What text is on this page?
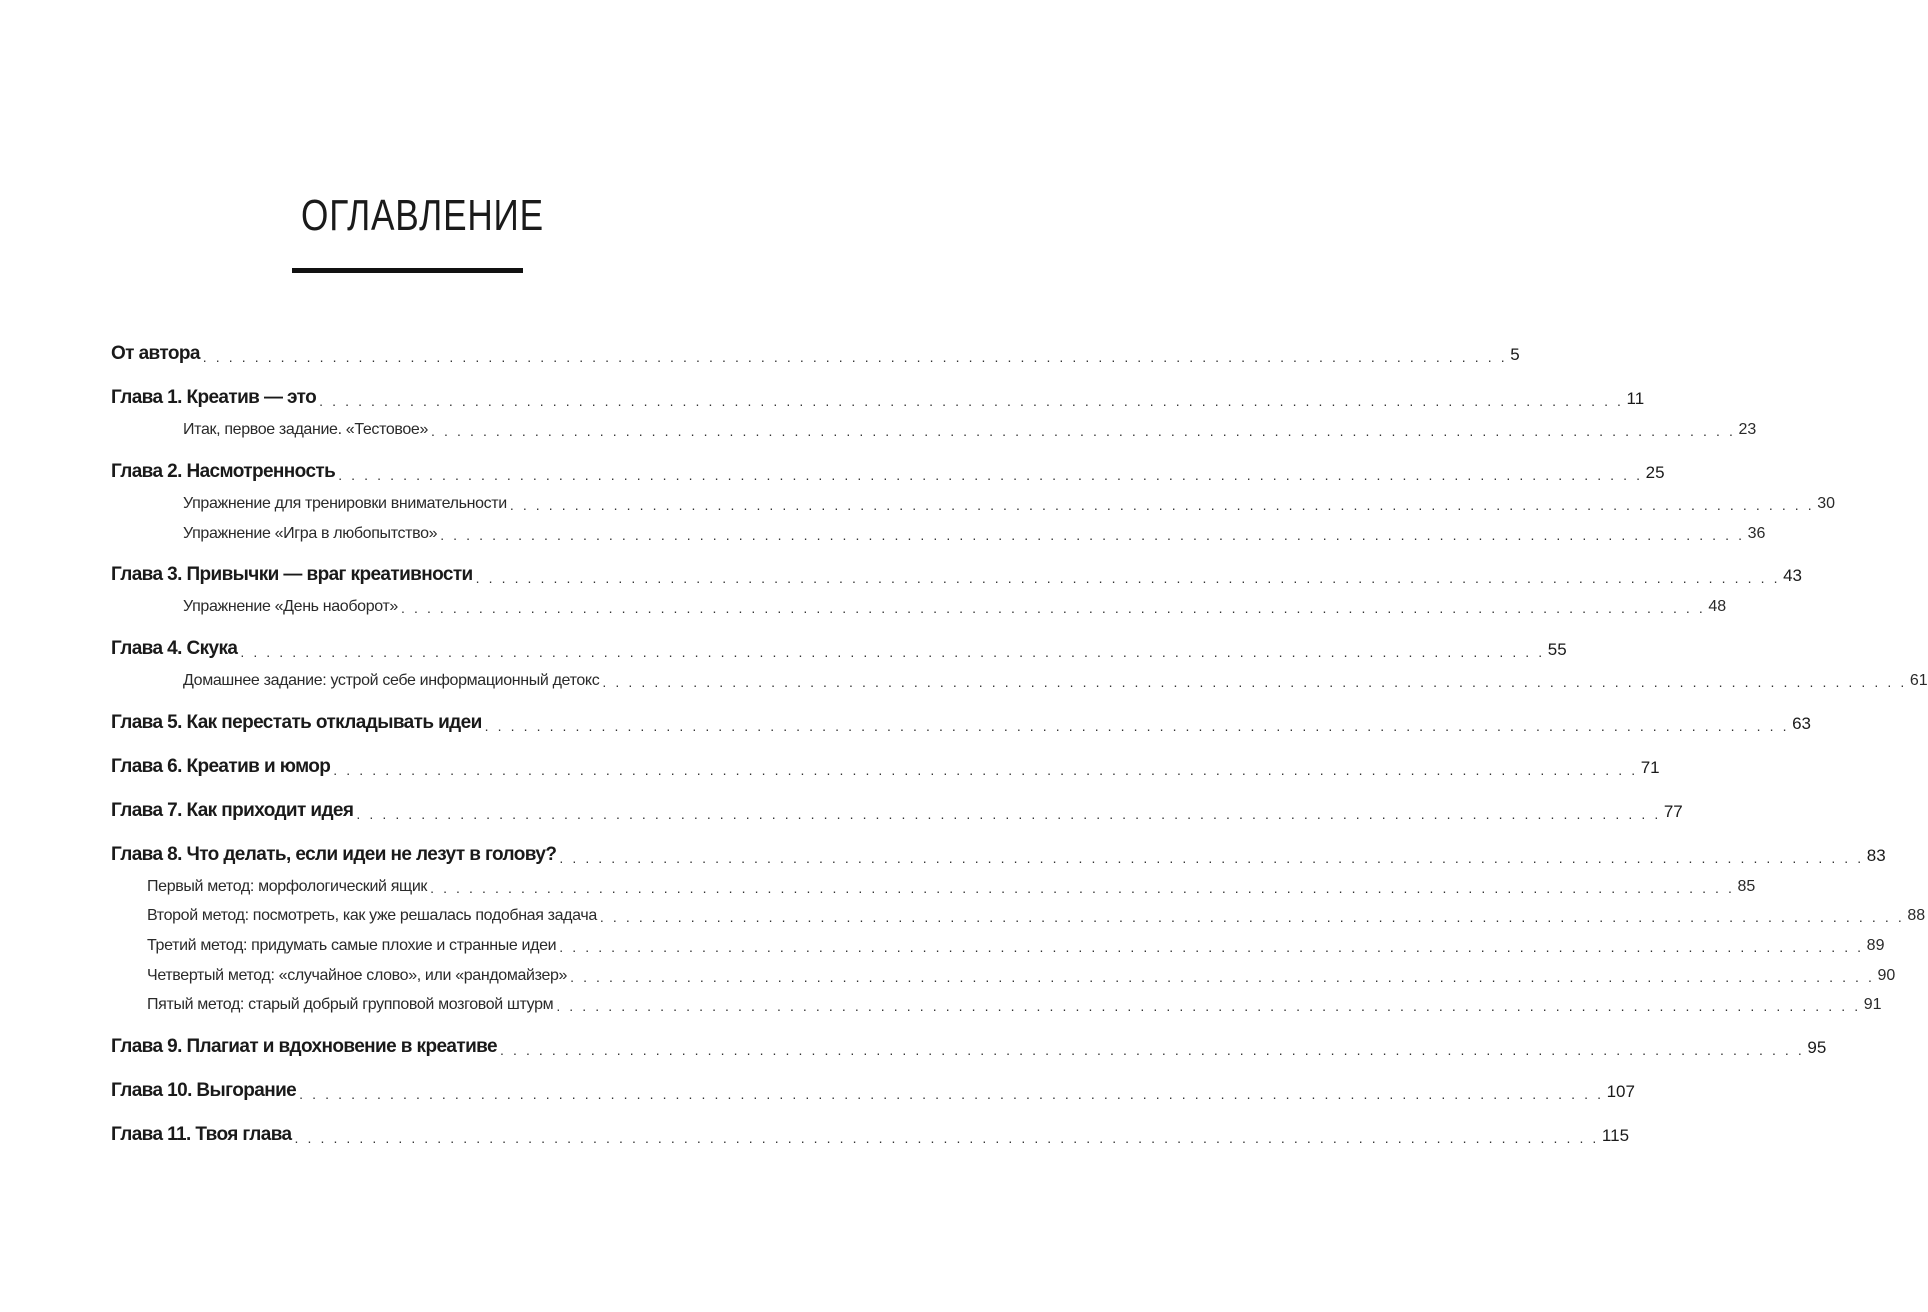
ОГЛАВЛЕНИЕ
От автора . . . . . . . . . . . . . . . . . . . . . . . . . . . . . . . . . . . . . . . . . . . . . . . . . . . . . . . . . . . . . . . . . . . . . . . . . . . . . . . . . . . . . . . . . . . . . . . . . . . . . 5
Глава 1. Креатив — это . . . . . . . . . . . . . . . . . . . . . . . . . . . . . . . . . . . . . . . . . . . . . . . . . . . . . . . . . . . . . . . . . . . . . . . . . . . . . . . . . . . . . . . . . . . . . . . . . . . . . 11
Итак, первое задание. «Тестовое» . . . . . . . . . . . . . . . . . . . . . . . . . . . . . . . . . . . . . . . . . . . . . . . . . . . . . . . . . . . . . . . . . . . . . . . . . . . . . . . . . . . . . . . . . . . . . . . . . . . . . 23
Глава 2. Насмотренность . . . . . . . . . . . . . . . . . . . . . . . . . . . . . . . . . . . . . . . . . . . . . . . . . . . . . . . . . . . . . . . . . . . . . . . . . . . . . . . . . . . . . . . . . . . . . . . . . . . . . 25
Упражнение для тренировки внимательности . . . . . . . . . . . . . . . . . . . . . . . . . . . . . . . . . . . . . . . . . . . . . . . . . . . . . . . . . . . . . . . . . . . . . . . . . . . . . . . . . . . . . . . . . . . . . . . . . . . . . 30
Упражнение «Игра в любопытство» . . . . . . . . . . . . . . . . . . . . . . . . . . . . . . . . . . . . . . . . . . . . . . . . . . . . . . . . . . . . . . . . . . . . . . . . . . . . . . . . . . . . . . . . . . . . . . . . . . . . . 36
Глава 3. Привычки — враг креативности . . . . . . . . . . . . . . . . . . . . . . . . . . . . . . . . . . . . . . . . . . . . . . . . . . . . . . . . . . . . . . . . . . . . . . . . . . . . . . . . . . . . . . . . . . . . . . . . . . . . . 43
Упражнение «День наоборот» . . . . . . . . . . . . . . . . . . . . . . . . . . . . . . . . . . . . . . . . . . . . . . . . . . . . . . . . . . . . . . . . . . . . . . . . . . . . . . . . . . . . . . . . . . . . . . . . . . . . . 48
Глава 4. Скука . . . . . . . . . . . . . . . . . . . . . . . . . . . . . . . . . . . . . . . . . . . . . . . . . . . . . . . . . . . . . . . . . . . . . . . . . . . . . . . . . . . . . . . . . . . . . . . . . . . . . 55
Домашнее задание: устрой себе информационный детокс . . . . . . . . . . . . . . . . . . . . . . . . . . . . . . . . . . . . . . . . . . . . . . . . . . . . . . . . . . . . . . . . . . . . . . . . . . . . . . . . . . . . . . . . . . . . . . . . . . . . . 61
Глава 5. Как перестать откладывать идеи . . . . . . . . . . . . . . . . . . . . . . . . . . . . . . . . . . . . . . . . . . . . . . . . . . . . . . . . . . . . . . . . . . . . . . . . . . . . . . . . . . . . . . . . . . . . . . . . . . . . . 63
Глава 6. Креатив и юмор . . . . . . . . . . . . . . . . . . . . . . . . . . . . . . . . . . . . . . . . . . . . . . . . . . . . . . . . . . . . . . . . . . . . . . . . . . . . . . . . . . . . . . . . . . . . . . . . . . . . . 71
Глава 7. Как приходит идея . . . . . . . . . . . . . . . . . . . . . . . . . . . . . . . . . . . . . . . . . . . . . . . . . . . . . . . . . . . . . . . . . . . . . . . . . . . . . . . . . . . . . . . . . . . . . . . . . . . . . 77
Глава 8. Что делать, если идеи не лезут в голову? . . . . . . . . . . . . . . . . . . . . . . . . . . . . . . . . . . . . . . . . . . . . . . . . . . . . . . . . . . . . . . . . . . . . . . . . . . . . . . . . . . . . . . . . . . . . . . . . . . . . . 83
Первый метод: морфологический ящик . . . . . . . . . . . . . . . . . . . . . . . . . . . . . . . . . . . . . . . . . . . . . . . . . . . . . . . . . . . . . . . . . . . . . . . . . . . . . . . . . . . . . . . . . . . . . . . . . . . . . 85
Второй метод: посмотреть, как уже решалась подобная задача . . . . . . . . . . . . . . . . . . . . . . . . . . . . . . . . . . . . . . . . . . . . . . . . . . . . . . . . . . . . . . . . . . . . . . . . . . . . . . . . . . . . . . . . . . . . . . . . . . . . . 88
Третий метод: придумать самые плохие и странные идеи . . . . . . . . . . . . . . . . . . . . . . . . . . . . . . . . . . . . . . . . . . . . . . . . . . . . . . . . . . . . . . . . . . . . . . . . . . . . . . . . . . . . . . . . . . . . . . . . . . . . . 89
Четвертый метод: «случайное слово», или «рандомайзер» . . . . . . . . . . . . . . . . . . . . . . . . . . . . . . . . . . . . . . . . . . . . . . . . . . . . . . . . . . . . . . . . . . . . . . . . . . . . . . . . . . . . . . . . . . . . . . . . . . . . . 90
Пятый метод: старый добрый групповой мозговой штурм . . . . . . . . . . . . . . . . . . . . . . . . . . . . . . . . . . . . . . . . . . . . . . . . . . . . . . . . . . . . . . . . . . . . . . . . . . . . . . . . . . . . . . . . . . . . . . . . . . . . . 91
Глава 9. Плагиат и вдохновение в креативе . . . . . . . . . . . . . . . . . . . . . . . . . . . . . . . . . . . . . . . . . . . . . . . . . . . . . . . . . . . . . . . . . . . . . . . . . . . . . . . . . . . . . . . . . . . . . . . . . . . . . 95
Глава 10. Выгорание . . . . . . . . . . . . . . . . . . . . . . . . . . . . . . . . . . . . . . . . . . . . . . . . . . . . . . . . . . . . . . . . . . . . . . . . . . . . . . . . . . . . . . . . . . . . . . . . . . . . . 107
Глава 11. Твоя глава . . . . . . . . . . . . . . . . . . . . . . . . . . . . . . . . . . . . . . . . . . . . . . . . . . . . . . . . . . . . . . . . . . . . . . . . . . . . . . . . . . . . . . . . . . . . . . . . . . . . . 115
